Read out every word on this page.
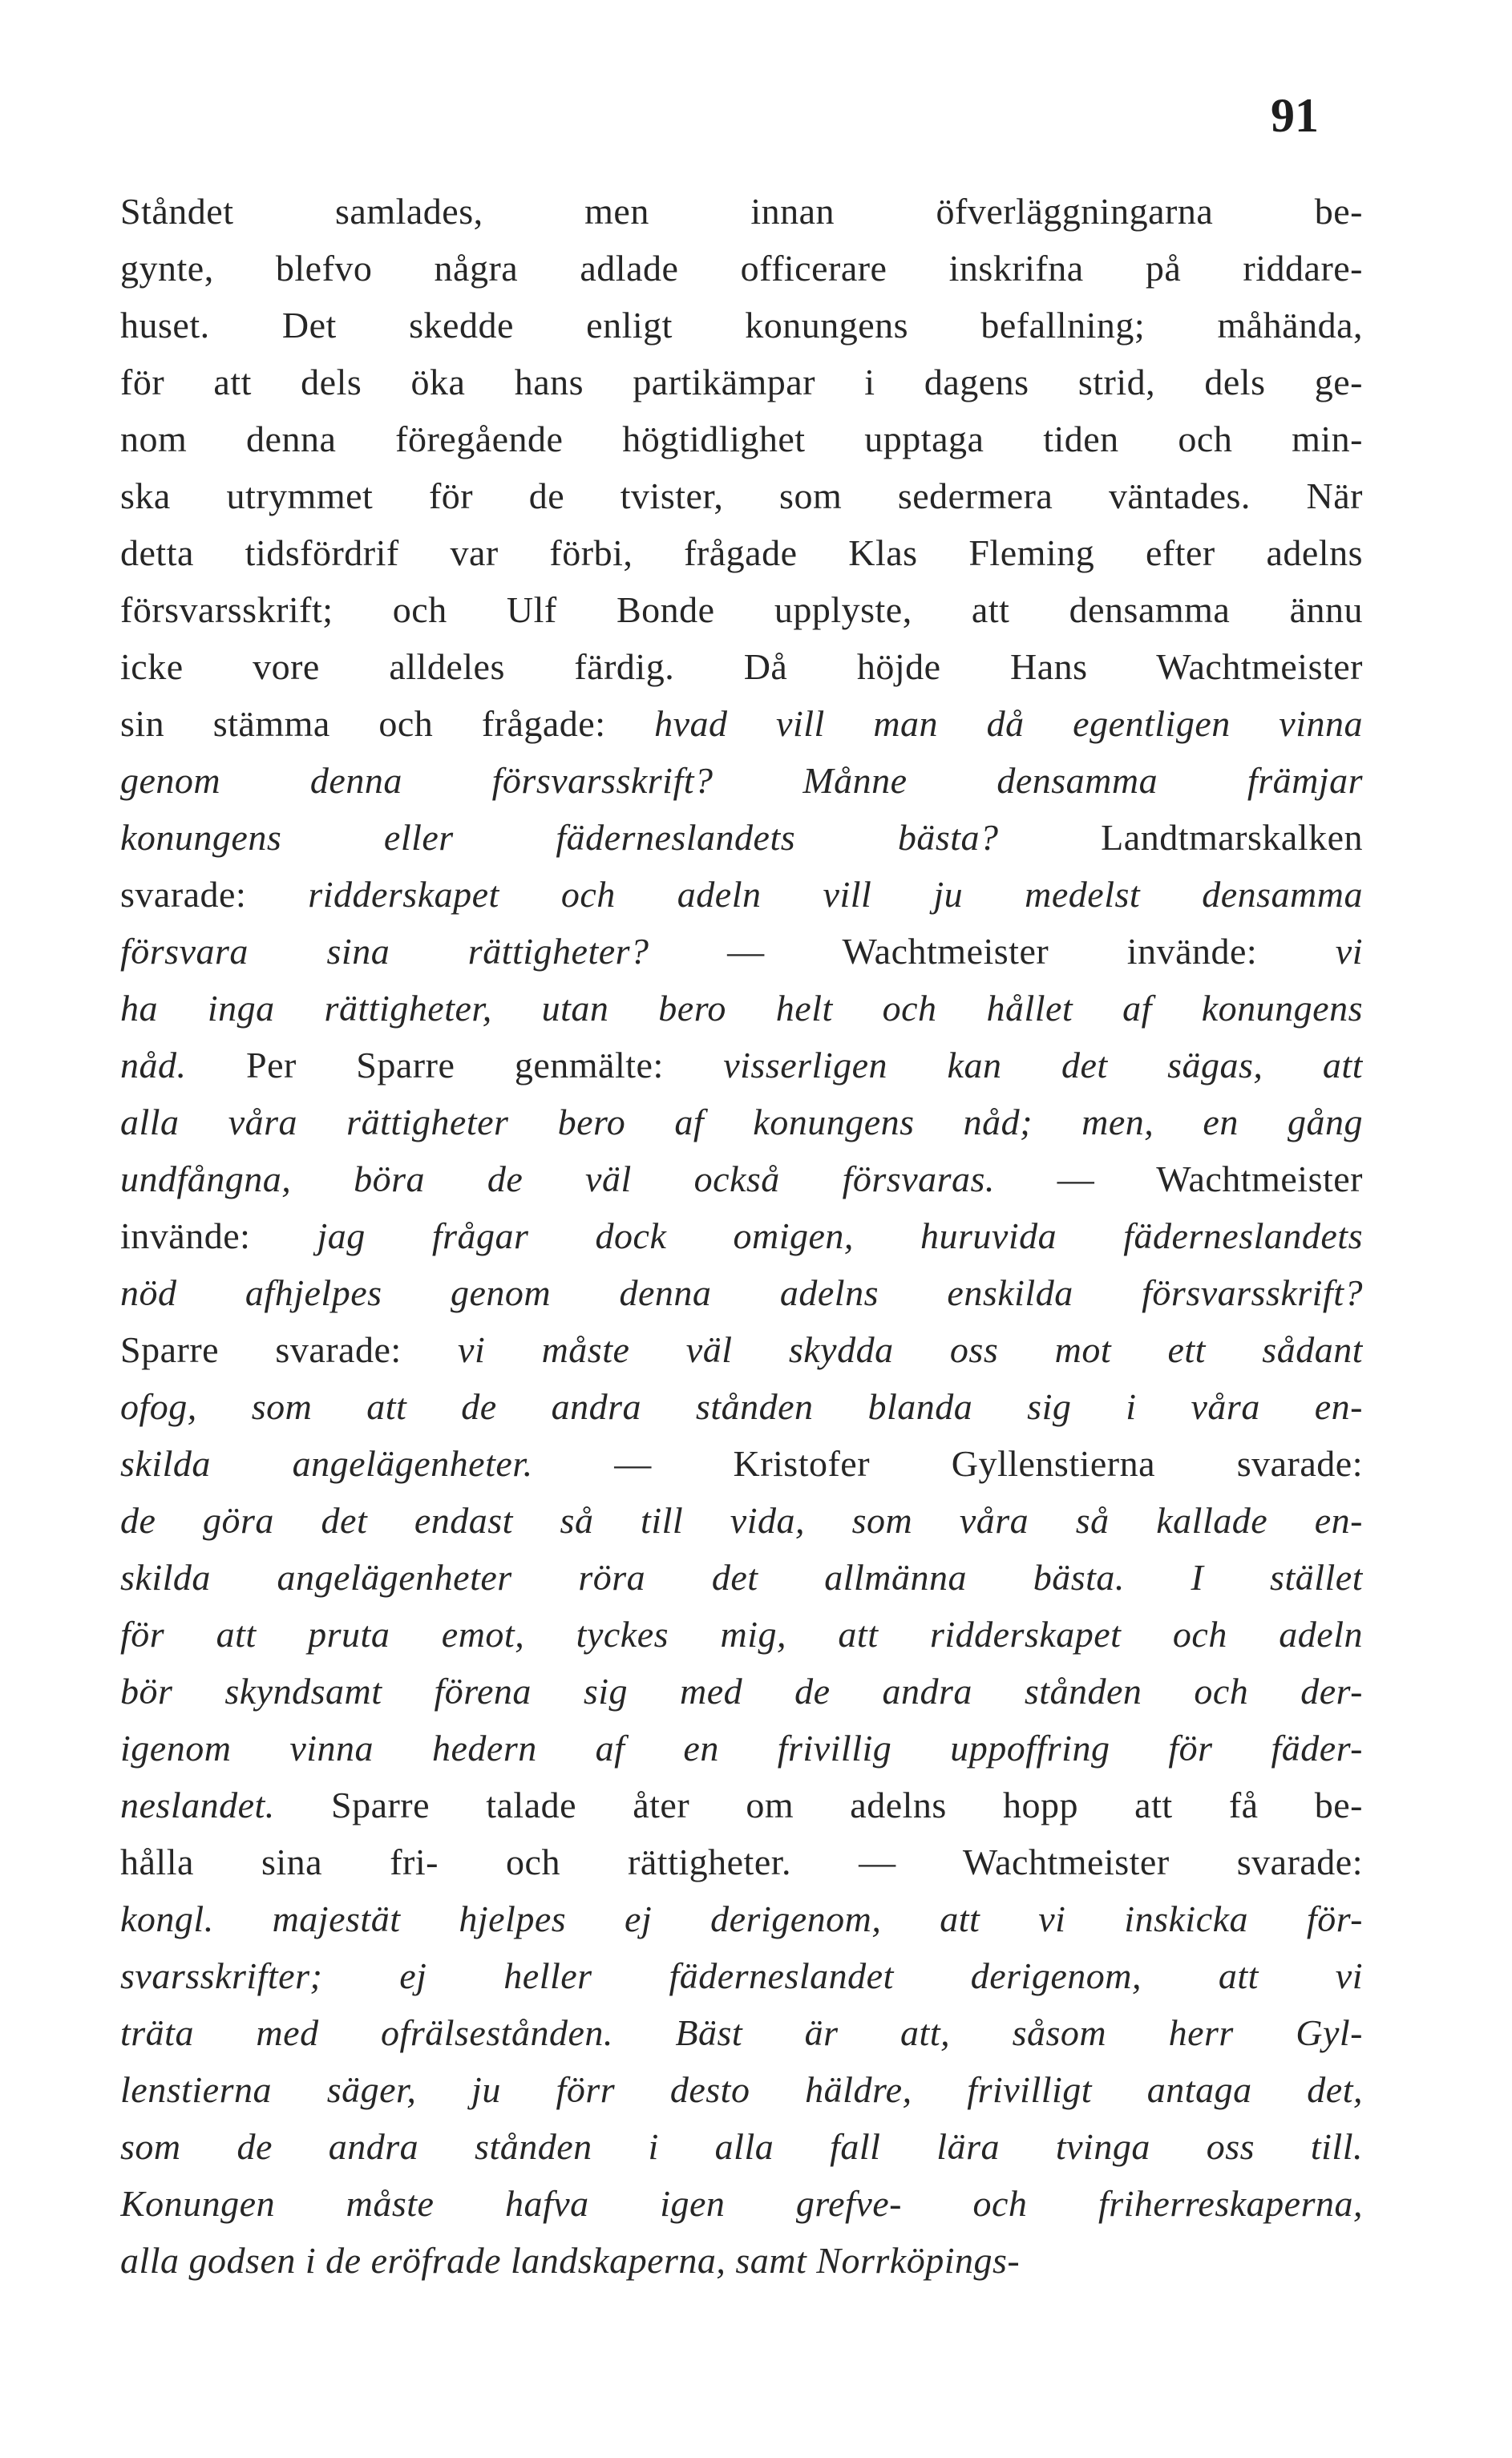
91
Ståndet samlades, men innan öfverläggningarna be-
gynte, blefvo några adlade officerare inskrifna på riddare-
huset. Det skedde enligt konungens befallning; måhända,
för att dels öka hans partikämpar i dagens strid, dels ge-
nom denna föregående högtidlighet upptaga tiden och min-
ska utrymmet för de tvister, som sedermera väntades. När
detta tidsfördrif var förbi, frågade Klas Fleming efter adelns
försvarsskrift; och Ulf Bonde upplyste, att densamma ännu
icke vore alldeles färdig. Då höjde Hans Wachtmeister
sin stämma och frågade: hvad vill man då egentligen vinna
genom denna försvarsskrift? Månne densamma främjar
konungens eller fäderneslandets bästa? Landtmarskalken
svarade: ridderskapet och adeln vill ju medelst densamma
försvara sina rättigheter? — Wachtmeister invände: vi
ha inga rättigheter, utan bero helt och hållet af konungens
nåd. Per Sparre genmälte: visserligen kan det sägas, att
alla våra rättigheter bero af konungens nåd; men, en gång
undfångna, böra de väl också försvaras. — Wachtmeister
invände: jag frågar dock omigen, huruvida fäderneslandets
nöd afhjelpes genom denna adelns enskilda försvarsskrift?
Sparre svarade: vi måste väl skydda oss mot ett sådant
ofog, som att de andra stånden blanda sig i våra en-
skilda angelägenheter. — Kristofer Gyllenstierna svarade:
de göra det endast så till vida, som våra så kallade en-
skilda angelägenheter röra det allmänna bästa. I stället
för att pruta emot, tyckes mig, att ridderskapet och adeln
bör skyndsamt förena sig med de andra stånden och der-
igenom vinna hedern af en frivillig uppoffring för fäder-
neslandet. Sparre talade åter om adelns hopp att få be-
hålla sina fri- och rättigheter. — Wachtmeister svarade:
kongl. majestät hjelpes ej derigenom, att vi inskicka för-
svarsskrifter; ej heller fäderneslandet derigenom, att vi
träta med ofrälsestånden. Bäst är att, såsom herr Gyl-
lenstierna säger, ju förr desto häldre, frivilligt antaga det,
som de andra stånden i alla fall lära tvinga oss till.
Konungen måste hafva igen grefve- och friherreskaperna,
alla godsen i de eröfrade landskaperna, samt Norrköpings-
